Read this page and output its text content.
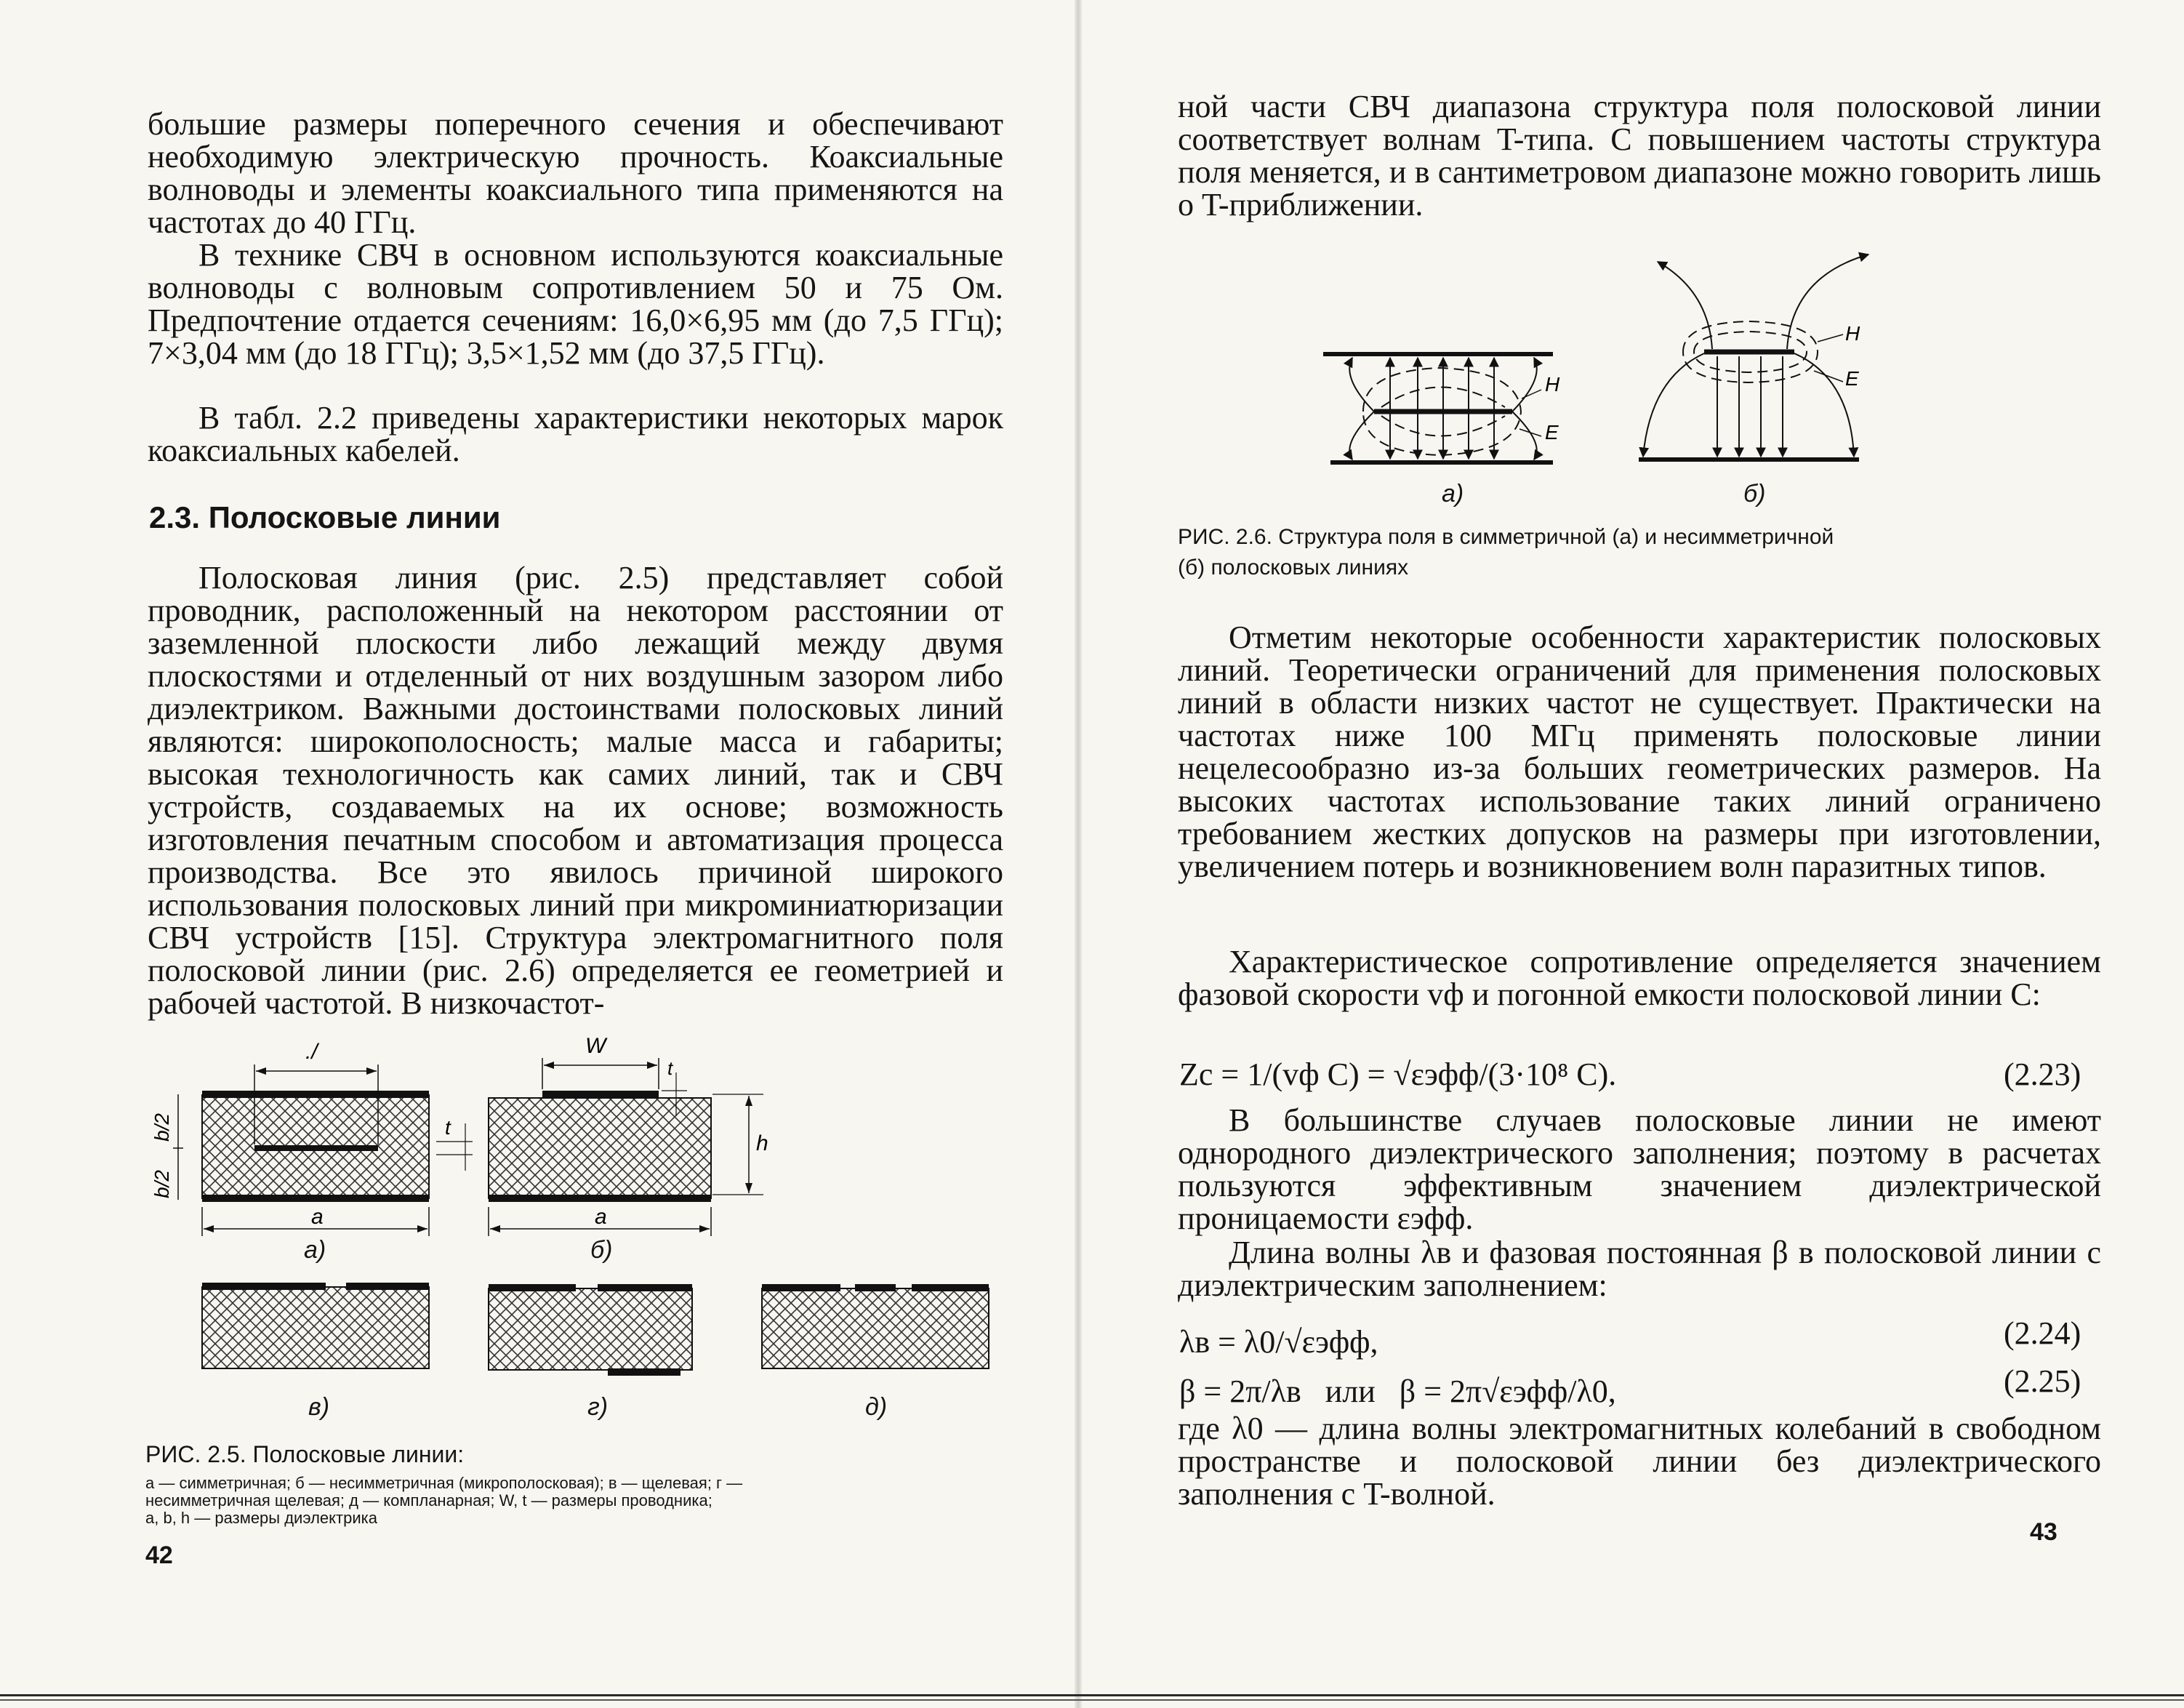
большие размеры поперечного сечения и обеспечивают необходимую электрическую прочность. Коаксиальные волноводы и элементы коаксиального типа применяются на частотах до 40 ГГц.

В технике СВЧ в основном используются коаксиальные волноводы с волновым сопротивлением 50 и 75 Ом. Предпочтение отдается сечениям: 16,0×6,95 мм (до 7,5 ГГц); 7×3,04 мм (до 18 ГГц); 3,5×1,52 мм (до 37,5 ГГц).

В табл. 2.2 приведены характеристики некоторых марок коаксиальных кабелей.

2.3. Полосковые линии

Полосковая линия (рис. 2.5) представляет собой проводник, расположенный на некотором расстоянии от заземленной плоскости либо лежащий между двумя плоскостями и отделенный от них воздушным зазором либо диэлектриком. Важными достоинствами полосковых линий являются: широкополосность; малые масса и габариты; высокая технологичность как самих линий, так и СВЧ устройств, создаваемых на их основе; возможность изготовления печатным способом и автоматизация процесса производства. Все это явилось причиной широкого использования полосковых линий при микроминиатюризации СВЧ устройств [15]. Структура электромагнитного поля полосковой линии (рис. 2.6) определяется ее геометрией и рабочей частотой. В низкочастот-

./
a
t
b/2
b/2
W
a
t
h
а)	б)
в)	г)	д)
РИС. 2.5. Полосковые линии:
а — симметричная; б — несимметричная (микрополосковая); в — щелевая; г —
несимметричная щелевая; д — компланарная; W, t — размеры проводника;
a, b, h — размеры диэлектрика
42

ной части СВЧ диапазона структура поля полосковой линии соответствует волнам T-типа. С повышением частоты структура поля меняется, и в сантиметровом диапазоне можно говорить лишь о T-приближении.

H
E
H
E
а)	б)
РИС. 2.6. Структура поля в симметричной (а) и несимметричной
(б) полосковых линиях

Отметим некоторые особенности характеристик полосковых линий. Теоретически ограничений для применения полосковых линий в области низких частот не существует. Практически на частотах ниже 100 МГц применять полосковые линии нецелесообразно из-за больших геометрических размеров. На высоких частотах использование таких линий ограничено требованием жестких допусков на размеры при изготовлении, увеличением потерь и возникновением волн паразитных типов.

Характеристическое сопротивление определяется значением фазовой скорости vф и погонной емкости полосковой линии C:

Zс = 1/(vф C) = √εэфф/(3·10⁸ C).	(2.23)

В большинстве случаев полосковые линии не имеют однородного диэлектрического заполнения; поэтому в расчетах пользуются эффективным значением диэлектрической проницаемости εэфф.

Длина волны λв и фазовая постоянная β в полосковой линии с диэлектрическим заполнением:

λв = λ0/√εэфф,	(2.24)
β = 2π/λв   или   β = 2π√εэфф/λ0,	(2.25)

где λ0 — длина волны электромагнитных колебаний в свободном пространстве и полосковой линии без диэлектрического заполнения с T-волной.

43
